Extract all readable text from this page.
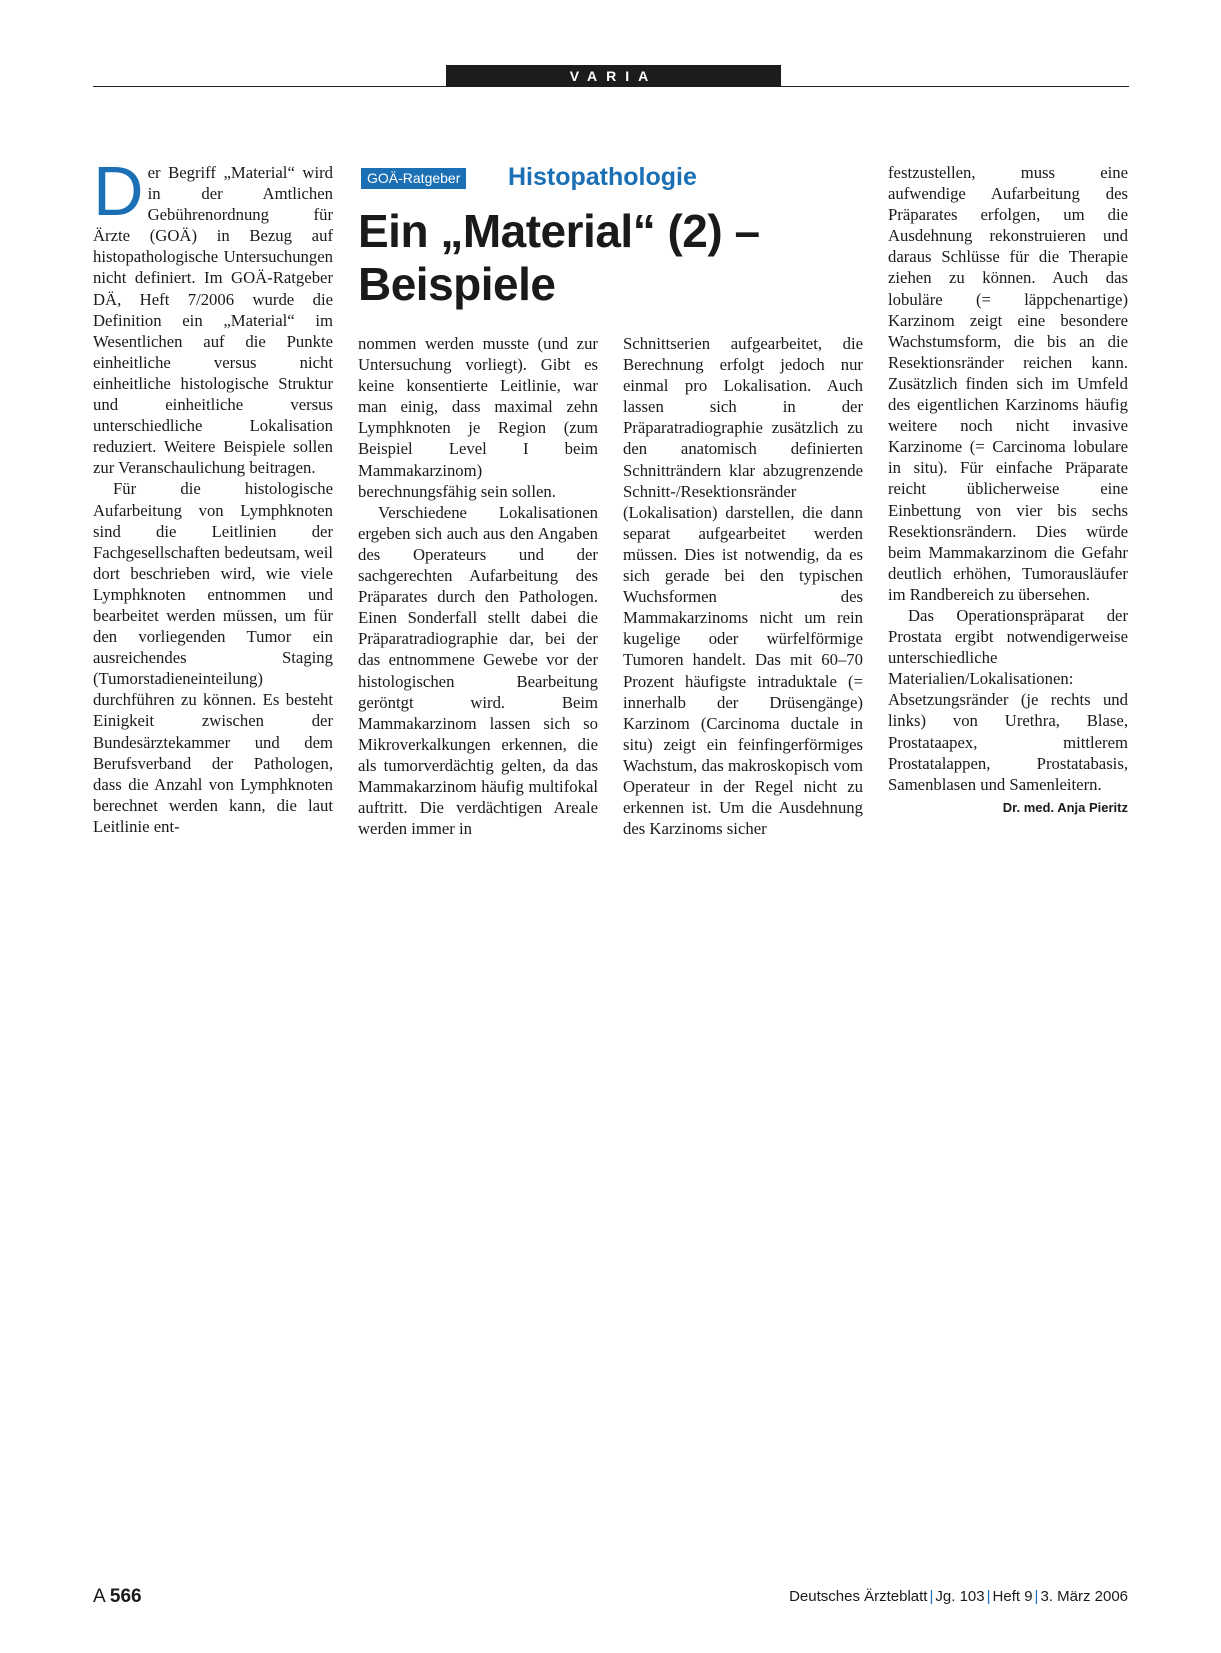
VARIA
GOÄ-Ratgeber Histopathologie
Ein „Material“ (2) –
Beispiele

Der Begriff „Material“ wird in der Amtlichen Gebührenordnung für Ärzte (GOÄ) in Bezug auf histopathologische Untersuchungen nicht definiert. Im GOÄ-Ratgeber DÄ, Heft 7/2006 wurde die Definition ein „Material“ im Wesentlichen auf die Punkte einheitliche versus nicht einheitliche histologische Struktur und einheitliche versus unterschiedliche Lokalisation reduziert. Weitere Beispiele sollen zur Veranschaulichung beitragen.

Für die histologische Aufarbeitung von Lymphknoten sind die Leitlinien der Fachgesellschaften bedeutsam, weil dort beschrieben wird, wie viele Lymphknoten entnommen und bearbeitet werden müssen, um für den vorliegenden Tumor ein ausreichendes Staging (Tumorstadieneinteilung) durchführen zu können. Es besteht Einigkeit zwischen der Bundesärztekammer und dem Berufsverband der Pathologen, dass die Anzahl von Lymphknoten berechnet werden kann, die laut Leitlinie ent-

nommen werden musste (und zur Untersuchung vorliegt). Gibt es keine konsentierte Leitlinie, war man einig, dass maximal zehn Lymphknoten je Region (zum Beispiel Level I beim Mammakarzinom) berechnungsfähig sein sollen.

Verschiedene Lokalisationen ergeben sich auch aus den Angaben des Operateurs und der sachgerechten Aufarbeitung des Präparates durch den Pathologen. Einen Sonderfall stellt dabei die Präparatradiographie dar, bei der das entnommene Gewebe vor der histologischen Bearbeitung geröntgt wird. Beim Mammakarzinom lassen sich so Mikroverkalkungen erkennen, die als tumorverdächtig gelten, da das Mammakarzinom häufig multifokal auftritt. Die verdächtigen Areale werden immer in

Schnittserien aufgearbeitet, die Berechnung erfolgt jedoch nur einmal pro Lokalisation. Auch lassen sich in der Präparatradiographie zusätzlich zu den anatomisch definierten Schnitträndern klar abzugrenzende Schnitt-/Resektionsränder (Lokalisation) darstellen, die dann separat aufgearbeitet werden müssen. Dies ist notwendig, da es sich gerade bei den typischen Wuchsformen des Mammakarzinoms nicht um rein kugelige oder würfelförmige Tumoren handelt. Das mit 60–70 Prozent häufigste intraduktale (= innerhalb der Drüsengänge) Karzinom (Carcinoma ductale in situ) zeigt ein feinfingerförmiges Wachstum, das makroskopisch vom Operateur in der Regel nicht zu erkennen ist. Um die Ausdehnung des Karzinoms sicher

festzustellen, muss eine aufwendige Aufarbeitung des Präparates erfolgen, um die Ausdehnung rekonstruieren und daraus Schlüsse für die Therapie ziehen zu können. Auch das lobuläre (= läppchenartige) Karzinom zeigt eine besondere Wachstumsform, die bis an die Resektionsränder reichen kann. Zusätzlich finden sich im Umfeld des eigentlichen Karzinoms häufig weitere noch nicht invasive Karzinome (= Carcinoma lobulare in situ). Für einfache Präparate reicht üblicherweise eine Einbettung von vier bis sechs Resektionsrändern. Dies würde beim Mammakarzinom die Gefahr deutlich erhöhen, Tumorausläufer im Randbereich zu übersehen.

Das Operationspräparat der Prostata ergibt notwendigerweise unterschiedliche Materialien/Lokalisationen: Absetzungsränder (je rechts und links) von Urethra, Blase, Prostataapex, mittlerem Prostatalappen, Prostatabasis, Samenblasen und Samenleitern.
Dr. med. Anja Pieritz

A 566	Deutsches Ärzteblatt | Jg. 103 | Heft 9 | 3. März 2006
